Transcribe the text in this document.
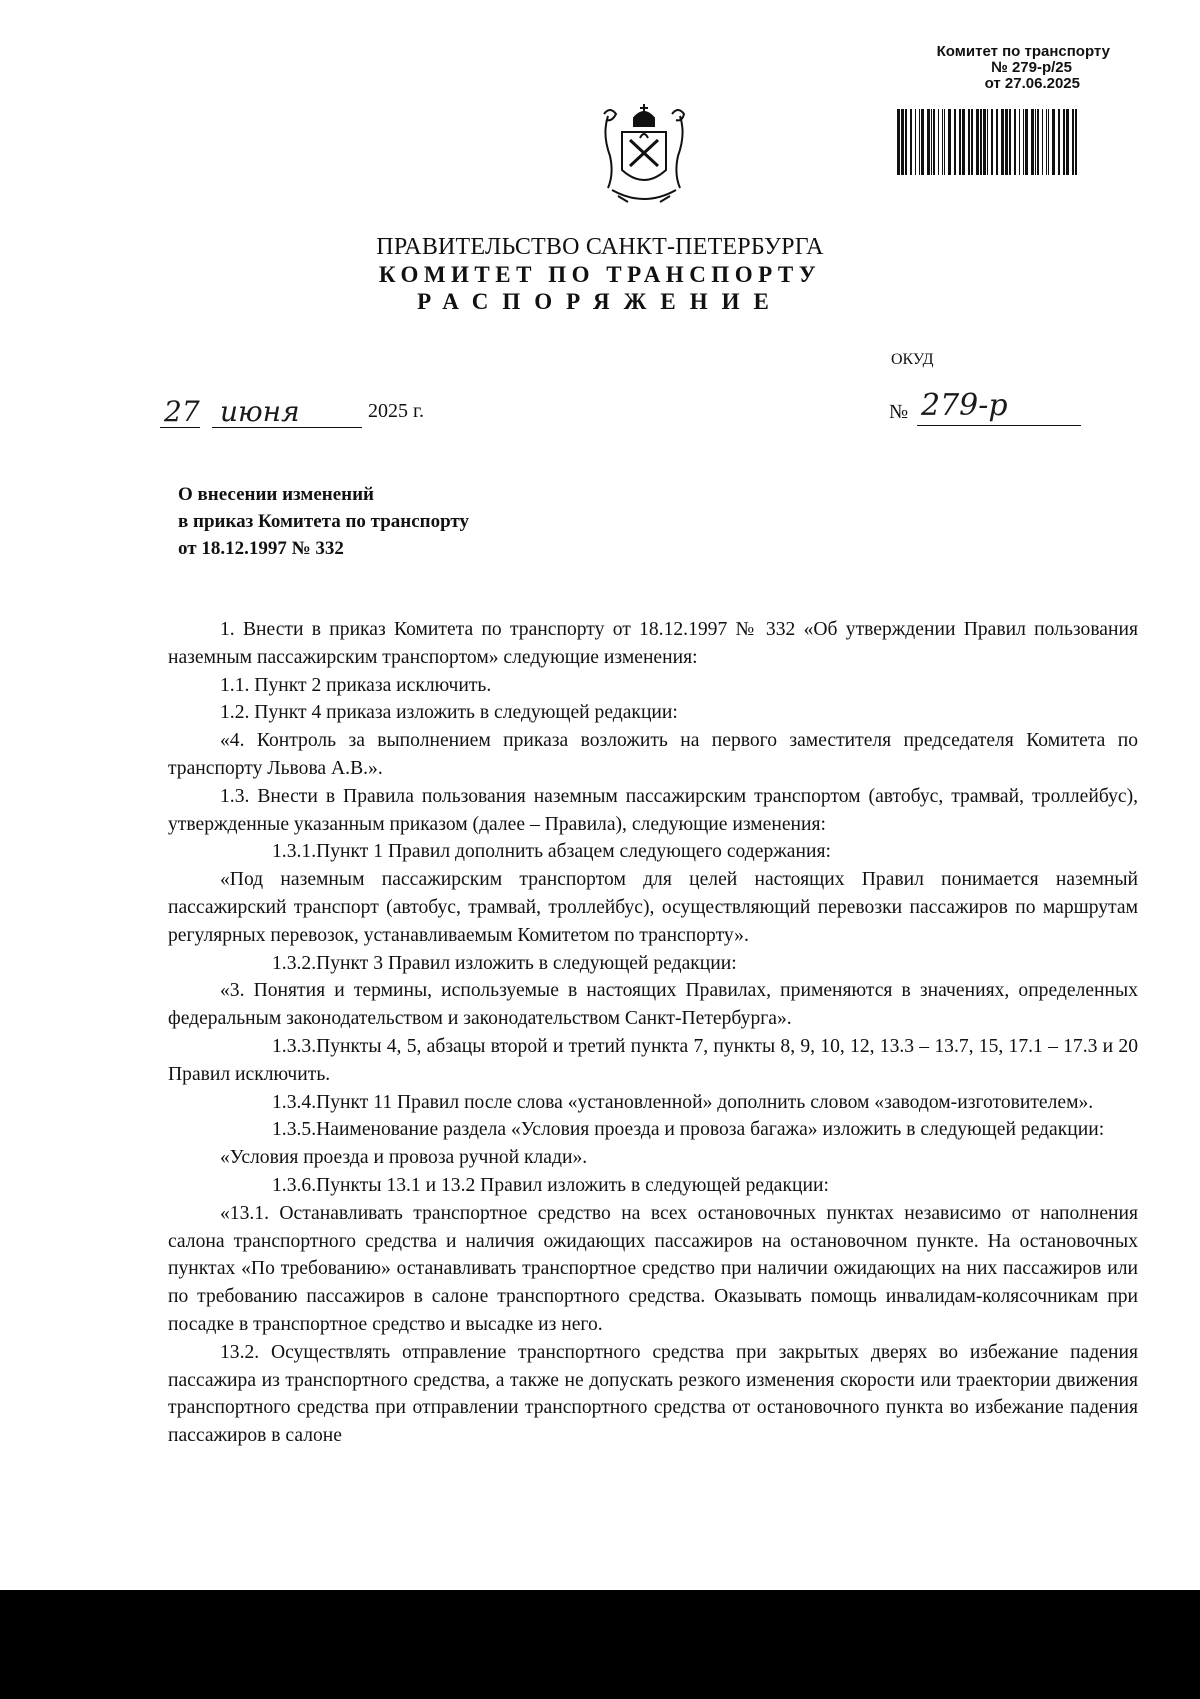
Комитет по транспорту
№ 279-р/25
от 27.06.2025
ПРАВИТЕЛЬСТВО САНКТ-ПЕТЕРБУРГА
КОМИТЕТ ПО ТРАНСПОРТУ
РАСПОРЯЖЕНИЕ
ОКУД
27 июня	2025 г.	№ 279-р
О внесении изменений
в приказ Комитета по транспорту
от 18.12.1997 № 332

1. Внести в приказ Комитета по транспорту от 18.12.1997 № 332 «Об утверждении Правил пользования наземным пассажирским транспортом» следующие изменения:

1.1. Пункт 2 приказа исключить.

1.2. Пункт 4 приказа изложить в следующей редакции:

«4. Контроль за выполнением приказа возложить на первого заместителя председателя Комитета по транспорту Львова А.В.».

1.3. Внести в Правила пользования наземным пассажирским транспортом (автобус, трамвай, троллейбус), утвержденные указанным приказом (далее – Правила), следующие изменения:

1.3.1.Пункт 1 Правил дополнить абзацем следующего содержания:

«Под наземным пассажирским транспортом для целей настоящих Правил понимается наземный пассажирский транспорт (автобус, трамвай, троллейбус), осуществляющий перевозки пассажиров по маршрутам регулярных перевозок, устанавливаемым Комитетом по транспорту».

1.3.2.Пункт 3 Правил изложить в следующей редакции:

«3. Понятия и термины, используемые в настоящих Правилах, применяются в значениях, определенных федеральным законодательством и законодательством Санкт-Петербурга».

1.3.3.Пункты 4, 5, абзацы второй и третий пункта 7, пункты 8, 9, 10, 12, 13.3 – 13.7, 15, 17.1 – 17.3 и 20 Правил исключить.

1.3.4.Пункт 11 Правил после слова «установленной» дополнить словом «заводом-изготовителем».

1.3.5.Наименование раздела «Условия проезда и провоза багажа» изложить в следующей редакции:

«Условия проезда и провоза ручной клади».

1.3.6.Пункты 13.1 и 13.2 Правил изложить в следующей редакции:

«13.1. Останавливать транспортное средство на всех остановочных пунктах независимо от наполнения салона транспортного средства и наличия ожидающих пассажиров на остановочном пункте. На остановочных пунктах «По требованию» останавливать транспортное средство при наличии ожидающих на них пассажиров или по требованию пассажиров в салоне транспортного средства. Оказывать помощь инвалидам-колясочникам при посадке в транспортное средство и высадке из него.

13.2. Осуществлять отправление транспортного средства при закрытых дверях во избежание падения пассажира из транспортного средства, а также не допускать резкого изменения скорости или траектории движения транспортного средства при отправлении транспортного средства от остановочного пункта во избежание падения пассажиров в салоне
